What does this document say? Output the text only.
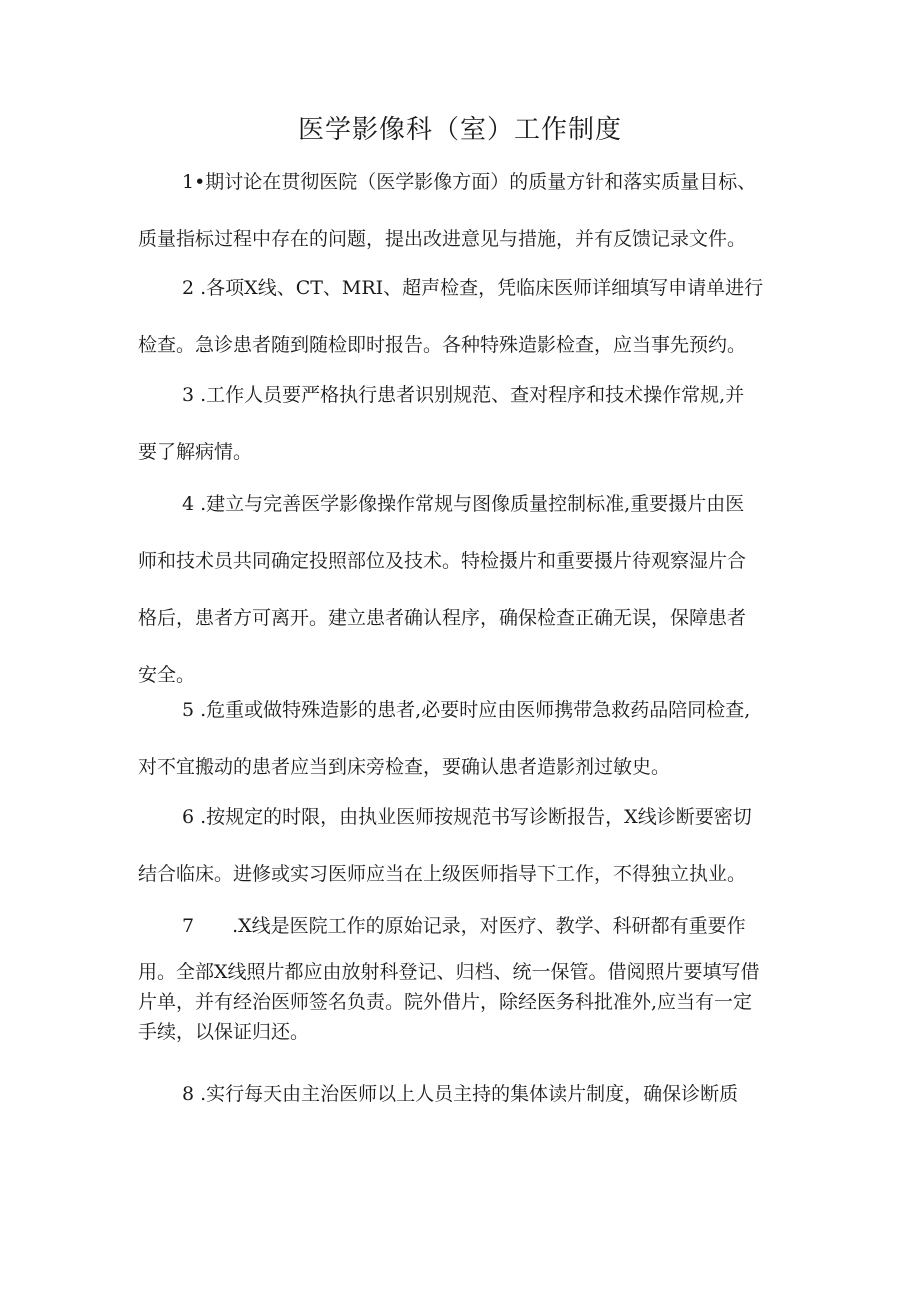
医学影像科（室）工作制度
1•期讨论在贯彻医院（医学影像方面）的质量方针和落实质量目标、
质量指标过程中存在的问题，提出改进意见与措施，并有反馈记录文件。
2 .各项X线、CT、MRI、超声检查，凭临床医师详细填写申请单进行
检查。急诊患者随到随检即时报告。各种特殊造影检查，应当事先预约。
3 .工作人员要严格执行患者识别规范、查对程序和技术操作常规,并
要了解病情。
4 .建立与完善医学影像操作常规与图像质量控制标准,重要摄片由医
师和技术员共同确定投照部位及技术。特检摄片和重要摄片待观察湿片合
格后，患者方可离开。建立患者确认程序，确保检查正确无误，保障患者
安全。
5 .危重或做特殊造影的患者,必要时应由医师携带急救药品陪同检查,
对不宜搬动的患者应当到床旁检查，要确认患者造影剂过敏史。
6 .按规定的时限，由执业医师按规范书写诊断报告，X线诊断要密切
结合临床。进修或实习医师应当在上级医师指导下工作，不得独立执业。
7　　.X线是医院工作的原始记录，对医疗、教学、科研都有重要作
用。全部X线照片都应由放射科登记、归档、统一保管。借阅照片要填写借
片单，并有经治医师签名负责。院外借片，除经医务科批准外,应当有一定
手续，以保证归还。
8 .实行每天由主治医师以上人员主持的集体读片制度，确保诊断质
